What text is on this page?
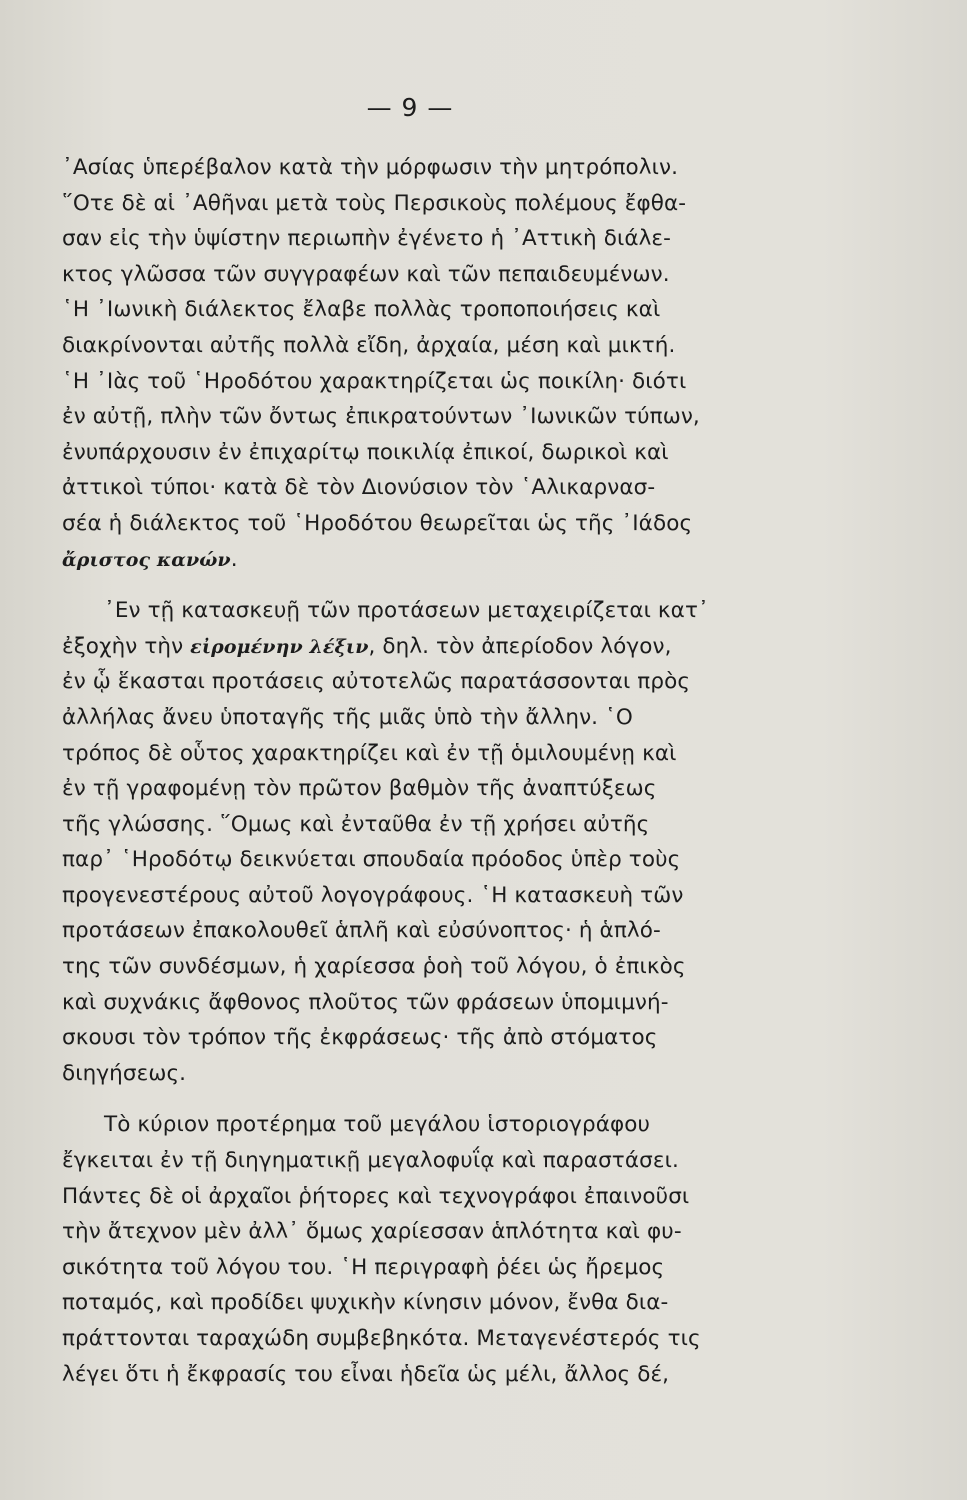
— 9 —
᾿Ασίας ὑπερέβαλον κατὰ τὴν μόρφωσιν τὴν μητρόπολιν.
῞Οτε δὲ αἱ ᾿Αθῆναι μετὰ τοὺς Περσικοὺς πολέμους ἔφθα-
σαν εἰς τὴν ὑψίστην περιωπὴν ἐγένετο ἡ ᾿Αττικὴ διάλε-
κτος γλῶσσα τῶν συγγραφέων καὶ τῶν πεπαιδευμένων.
῾Η ᾿Ιωνικὴ διάλεκτος ἔλαβε πολλὰς τροποποιήσεις καὶ
διακρίνονται αὐτῆς πολλὰ εἴδη, ἀρχαία, μέση καὶ μικτή.
῾Η ᾿Ιὰς τοῦ ῾Ηροδότου χαρακτηρίζεται ὡς ποικίλη· διότι
ἐν αὐτῇ, πλὴν τῶν ὄντως ἐπικρατούντων ᾿Ιωνικῶν τύπων,
ἐνυπάρχουσιν ἐν ἐπιχαρίτῳ ποικιλίᾳ ἐπικοί, δωρικοὶ καὶ
ἀττικοὶ τύποι· κατὰ δὲ τὸν Διονύσιον τὸν ῾Αλικαρνασ-
σέα ἡ διάλεκτος τοῦ ῾Ηροδότου θεωρεῖται ὡς τῆς ᾿Ιάδος
ἄριστος κανών.
᾿Εν τῇ κατασκευῇ τῶν προτάσεων μεταχειρίζεται κατ᾿
ἐξοχὴν τὴν εἰρομένην λέξιν, δηλ. τὸν ἀπερίοδον λόγον,
ἐν ᾧ ἕκασται προτάσεις αὐτοτελῶς παρατάσσονται πρὸς
ἀλλήλας ἄνευ ὑποταγῆς τῆς μιᾶς ὑπὸ τὴν ἄλλην. ῾Ο
τρόπος δὲ οὗτος χαρακτηρίζει καὶ ἐν τῇ ὁμιλουμένῃ καὶ
ἐν τῇ γραφομένῃ τὸν πρῶτον βαθμὸν τῆς ἀναπτύξεως
τῆς γλώσσης. ῞Ομως καὶ ἐνταῦθα ἐν τῇ χρήσει αὐτῆς
παρ᾿ ῾Ηροδότῳ δεικνύεται σπουδαία πρόοδος ὑπὲρ τοὺς
προγενεστέρους αὐτοῦ λογογράφους. ῾Η κατασκευὴ τῶν
προτάσεων ἐπακολουθεῖ ἁπλῆ καὶ εὐσύνοπτος· ἡ ἁπλό-
της τῶν συνδέσμων, ἡ χαρίεσσα ῥοὴ τοῦ λόγου, ὁ ἐπικὸς
καὶ συχνάκις ἄφθονος πλοῦτος τῶν φράσεων ὑπομιμνή-
σκουσι τὸν τρόπον τῆς ἐκφράσεως· τῆς ἀπὸ στόματος
διηγήσεως.
Τὸ κύριον προτέρημα τοῦ μεγάλου ἱστοριογράφου
ἔγκειται ἐν τῇ διηγηματικῇ μεγαλοφυΐᾳ καὶ παραστάσει.
Πάντες δὲ οἱ ἀρχαῖοι ῥήτορες καὶ τεχνογράφοι ἐπαινοῦσι
τὴν ἄτεχνον μὲν ἀλλ᾿ ὅμως χαρίεσσαν ἁπλότητα καὶ φυ-
σικότητα τοῦ λόγου του. ῾Η περιγραφὴ ῥέει ὡς ἤρεμος
ποταμός, καὶ προδίδει ψυχικὴν κίνησιν μόνον, ἔνθα δια-
πράττονται ταραχώδη συμβεβηκότα. Μεταγενέστερός τις
λέγει ὅτι ἡ ἔκφρασίς του εἶναι ἡδεῖα ὡς μέλι, ἄλλος δέ,
